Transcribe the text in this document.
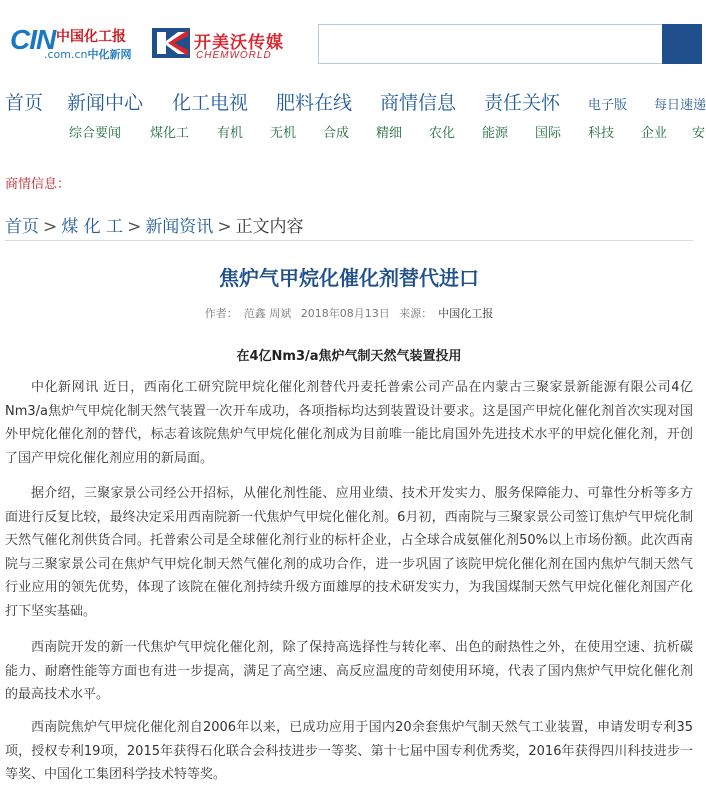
CIN 中国化工报
.com.cn中化新网
开美沃传媒
CHEMWORLD
首页 新闻中心 化工电视 肥料在线 商情信息 责任关怀 电子版 每日速递
综合要闻 煤化工 有机 无机 合成 精细 农化 能源 国际 科技 企业 安
商情信息：
首页 > 煤 化 工 > 新闻资讯 > 正文内容
焦炉气甲烷化催化剂替代进口
作者： 范鑫 周斌 2018年08月13日 来源： 中国化工报
在4亿Nm3/a焦炉气制天然气装置投用

中化新网讯 近日，西南化工研究院甲烷化催化剂替代丹麦托普索公司产品在内蒙古三聚家景新能源有限公司4亿Nm3/a焦炉气甲烷化制天然气装置一次开车成功，各项指标均达到装置设计要求。这是国产甲烷化催化剂首次实现对国外甲烷化催化剂的替代，标志着该院焦炉气甲烷化催化剂成为目前唯一能比肩国外先进技术水平的甲烷化催化剂，开创了国产甲烷化催化剂应用的新局面。

据介绍，三聚家景公司经公开招标，从催化剂性能、应用业绩、技术开发实力、服务保障能力、可靠性分析等多方面进行反复比较，最终决定采用西南院新一代焦炉气甲烷化催化剂。6月初，西南院与三聚家景公司签订焦炉气甲烷化制天然气催化剂供货合同。托普索公司是全球催化剂行业的标杆企业，占全球合成氨催化剂50%以上市场份额。此次西南院与三聚家景公司在焦炉气甲烷化制天然气催化剂的成功合作，进一步巩固了该院甲烷化催化剂在国内焦炉气制天然气行业应用的领先优势，体现了该院在催化剂持续升级方面雄厚的技术研发实力，为我国煤制天然气甲烷化催化剂国产化打下坚实基础。

西南院开发的新一代焦炉气甲烷化催化剂，除了保持高选择性与转化率、出色的耐热性之外，在使用空速、抗析碳能力、耐磨性能等方面也有进一步提高，满足了高空速、高反应温度的苛刻使用环境，代表了国内焦炉气甲烷化催化剂的最高技术水平。

西南院焦炉气甲烷化催化剂自2006年以来，已成功应用于国内20余套焦炉气制天然气工业装置，申请发明专利35项，授权专利19项，2015年获得石化联合会科技进步一等奖、第十七届中国专利优秀奖，2016年获得四川科技进步一等奖、中国化工集团科学技术特等奖。
